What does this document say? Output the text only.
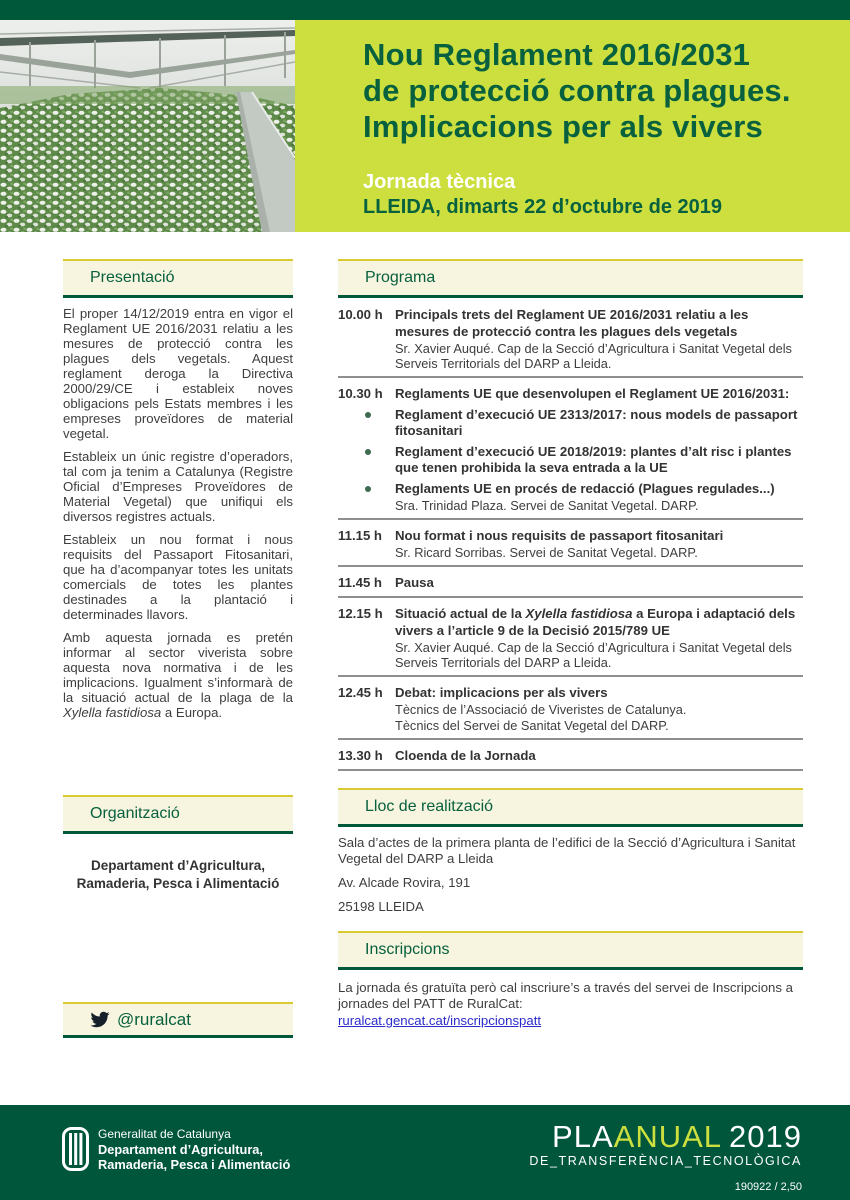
Nou Reglament 2016/2031
de protecció contra plagues.
Implicacions per als vivers
Jornada tècnica
LLEIDA, dimarts 22 d’octubre de 2019
Presentació

El proper 14/12/2019 entra en vigor el Reglament UE 2016/2031 relatiu a les mesures de protecció contra les plagues dels vegetals. Aquest reglament deroga la Directiva 2000/29/CE i estableix noves obligacions pels Estats membres i les empreses proveïdores de material vegetal.

Estableix un únic registre d’operadors, tal com ja tenim a Catalunya (Registre Oficial d’Empreses Proveïdores de Material Vegetal) que unifiqui els diversos registres actuals.

Estableix un nou format i nous requisits del Passaport Fitosanitari, que ha d’acompanyar totes les unitats comercials de totes les plantes destinades a la plantació i determinades llavors.

Amb aquesta jornada es pretén informar al sector viverista sobre aquesta nova normativa i de les implicacions. Igualment s’informarà de la situació actual de la plaga de la Xylella fastidiosa a Europa.

Organització
Departament d’Agricultura,
Ramaderia, Pesca i Alimentació
Programa
10.00 h Principals trets del Reglament UE 2016/2031 relatiu a les mesures de protecció contra les plagues dels vegetals
Sr. Xavier Auqué. Cap de la Secció d’Agricultura i Sanitat Vegetal dels Serveis Territorials del DARP a Lleida.
10.30 h Reglaments UE que desenvolupen el Reglament UE 2016/2031:
Reglament d’execució UE 2313/2017: nous models de passaport fitosanitari
Reglament d’execució UE 2018/2019: plantes d’alt risc i plantes que tenen prohibida la seva entrada a la UE
Reglaments UE en procés de redacció (Plagues regulades...)
Sra. Trinidad Plaza. Servei de Sanitat Vegetal. DARP.
11.15 h Nou format i nous requisits de passaport fitosanitari
Sr. Ricard Sorribas. Servei de Sanitat Vegetal. DARP.
11.45 h Pausa
12.15 h Situació actual de la Xylella fastidiosa a Europa i adaptació dels vivers a l’article 9 de la Decisió 2015/789 UE
Sr. Xavier Auqué. Cap de la Secció d’Agricultura i Sanitat Vegetal dels Serveis Territorials del DARP a Lleida.
12.45 h Debat: implicacions per als vivers
Tècnics de l’Associació de Viveristes de Catalunya.
Tècnics del Servei de Sanitat Vegetal del DARP.
13.30 h Cloenda de la Jornada
Lloc de realització

Sala d’actes de la primera planta de l’edifici de la Secció d’Agricultura i Sanitat Vegetal del DARP a Lleida

Av. Alcade Rovira, 191

25198 LLEIDA

Inscripcions

La jornada és gratuïta però cal inscriure’s a través del servei de Inscripcions a jornades del PATT de RuralCat:

ruralcat.gencat.cat/inscripcionspatt
@ruralcat
Generalitat de Catalunya
Departament d’Agricultura,
Ramaderia, Pesca i Alimentació
PLAANUAL 2019
DE_TRANSFERÈNCIA_TECNOLÒGICA
190922 / 2,50
